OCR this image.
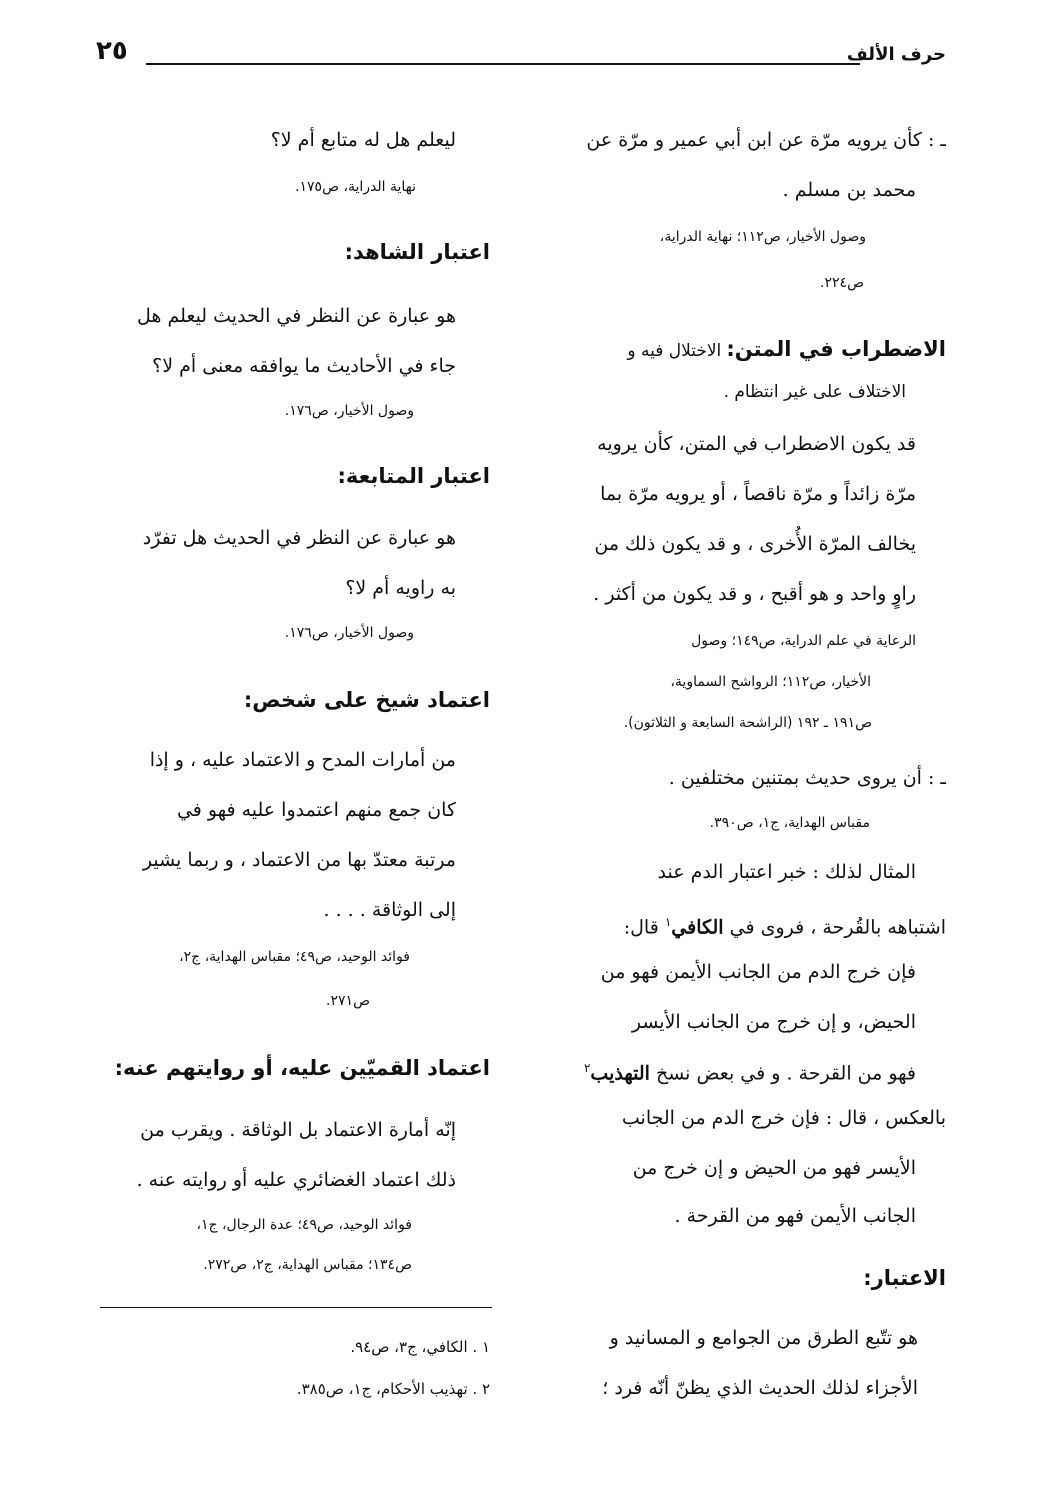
حرف الألف
٢٥
ـ : كأن يرويه مرّة عن ابن أبي عمير و مرّة عن
محمد بن مسلم .
وصول الأخيار، ص١١٢؛ نهاية الدراية،
ص٢٢٤.
الاضطراب في المتن: الاختلال فيه و
الاختلاف على غير انتظام .
قد يكون الاضطراب في المتن، كأن يرويه
مرّة زائداً و مرّة ناقصاً ، أو يرويه مرّة بما
يخالف المرّة الأُخرى ، و قد يكون ذلك من
راوٍ واحد و هو أقبح ، و قد يكون من أكثر .
الرعاية في علم الدراية، ص١٤٩؛ وصول
الأخيار، ص١١٢؛ الرواشح السماوية،
ص١٩١ ـ ١٩٢ (الراشحة السابعة و الثلاثون).
ـ : أن يروى حديث بمتنين مختلفين .
مقباس الهداية، ج١، ص٣٩٠.
المثال لذلك : خبر اعتبار الدم عند
اشتباهه بالقُرحة ، فروى في الكافي$^١$ قال:
فإن خرج الدم من الجانب الأيمن فهو من
الحيض، و إن خرج من الجانب الأيسر
فهو من القرحة . و في بعض نسخ التهذيب$^٢$
بالعكس ، قال : فإن خرج الدم من الجانب
الأيسر فهو من الحيض و إن خرج من
الجانب الأيمن فهو من القرحة .
الاعتبار:
هو تتّبع الطرق من الجوامع و المسانيد و
الأجزاء لذلك الحديث الذي يظنّ أنّه فرد ؛
ليعلم هل له متابع أم لا؟
نهاية الدراية، ص١٧٥.
اعتبار الشاهد:
هو عبارة عن النظر في الحديث ليعلم هل
جاء في الأحاديث ما يوافقه معنى أم لا؟
وصول الأخيار، ص١٧٦.
اعتبار المتابعة:
هو عبارة عن النظر في الحديث هل تفرّد
به راويه أم لا؟
وصول الأخيار، ص١٧٦.
اعتماد شيخ على شخص:
من أمارات المدح و الاعتماد عليه ، و إذا
كان جمع منهم اعتمدوا عليه فهو في
مرتبة معتدّ بها من الاعتماد ، و ربما يشير
إلى الوثاقة . . . .
فوائد الوحيد، ص٤٩؛ مقباس الهداية، ج٢،
ص٢٧١.
اعتماد القميّين عليه، أو روايتهم عنه:
إنّه أمارة الاعتماد بل الوثاقة . ويقرب من
ذلك اعتماد الغضائري عليه أو روايته عنه .
فوائد الوحيد، ص٤٩؛ عدة الرجال، ج١،
ص١٣٤؛ مقباس الهداية، ج٢، ص٢٧٢.
١ . الكافي، ج٣، ص٩٤.
٢ . تهذيب الأحكام، ج١، ص٣٨٥.
